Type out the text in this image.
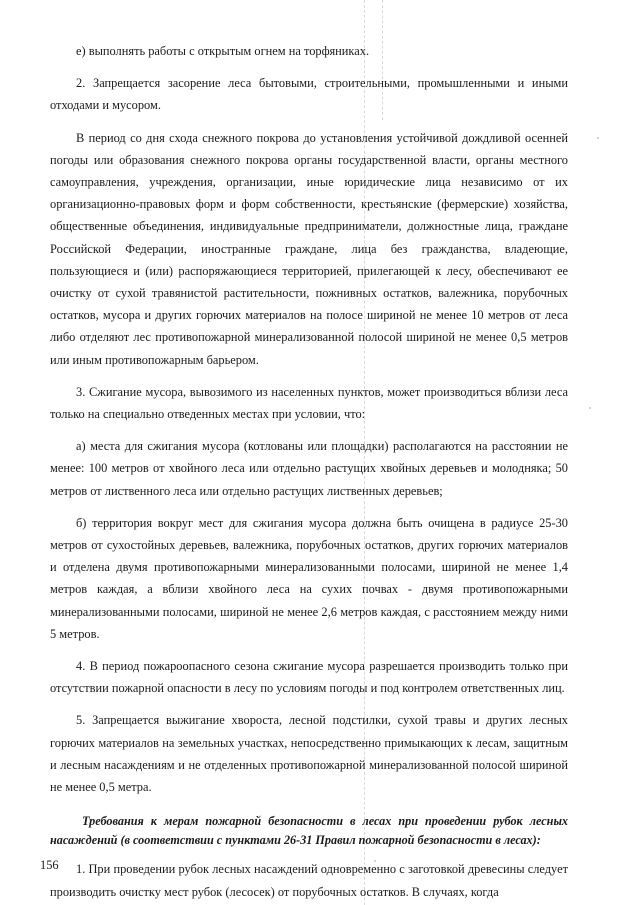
е) выполнять работы с открытым огнем на торфяниках.

2. Запрещается засорение леса бытовыми, строительными, промышленными и иными отходами и мусором.

В период со дня схода снежного покрова до установления устойчивой дождливой осенней погоды или образования снежного покрова органы государственной власти, органы местного самоуправления, учреждения, организации, иные юридические лица независимо от их организационно-правовых форм и форм собственности, крестьянские (фермерские) хозяйства, общественные объединения, индивидуальные предприниматели, должностные лица, граждане Российской Федерации, иностранные граждане, лица без гражданства, владеющие, пользующиеся и (или) распоряжающиеся территорией, прилегающей к лесу, обеспечивают ее очистку от сухой травянистой растительности, пожнивных остатков, валежника, порубочных остатков, мусора и других горючих материалов на полосе шириной не менее 10 метров от леса либо отделяют лес противопожарной минерализованной полосой шириной не менее 0,5 метров или иным противопожарным барьером.

3. Сжигание мусора, вывозимого из населенных пунктов, может производиться вблизи леса только на специально отведенных местах при условии, что:

а) места для сжигания мусора (котлованы или площадки) располагаются на расстоянии не менее: 100 метров от хвойного леса или отдельно растущих хвойных деревьев и молодняка; 50 метров от лиственного леса или отдельно растущих лиственных деревьев;

б) территория вокруг мест для сжигания мусора должна быть очищена в радиусе 25-30 метров от сухостойных деревьев, валежника, порубочных остатков, других горючих материалов и отделена двумя противопожарными минерализованными полосами, шириной не менее 1,4 метров каждая, а вблизи хвойного леса на сухих почвах - двумя противопожарными минерализованными полосами, шириной не менее 2,6 метров каждая, с расстоянием между ними 5 метров.

4. В период пожароопасного сезона сжигание мусора разрешается производить только при отсутствии пожарной опасности в лесу по условиям погоды и под контролем ответственных лиц.

5. Запрещается выжигание хвороста, лесной подстилки, сухой травы и других лесных горючих материалов на земельных участках, непосредственно примыкающих к лесам, защитным и лесным насаждениям и не отделенных противопожарной минерализованной полосой шириной не менее 0,5 метра.

Требования к мерам пожарной безопасности в лесах при проведении рубок лесных насаждений (в соответствии с пунктами 26-31 Правил пожарной безопасности в лесах):

1. При проведении рубок лесных насаждений одновременно с заготовкой древесины следует производить очистку мест рубок (лесосек) от порубочных остатков. В случаях, когда

156
